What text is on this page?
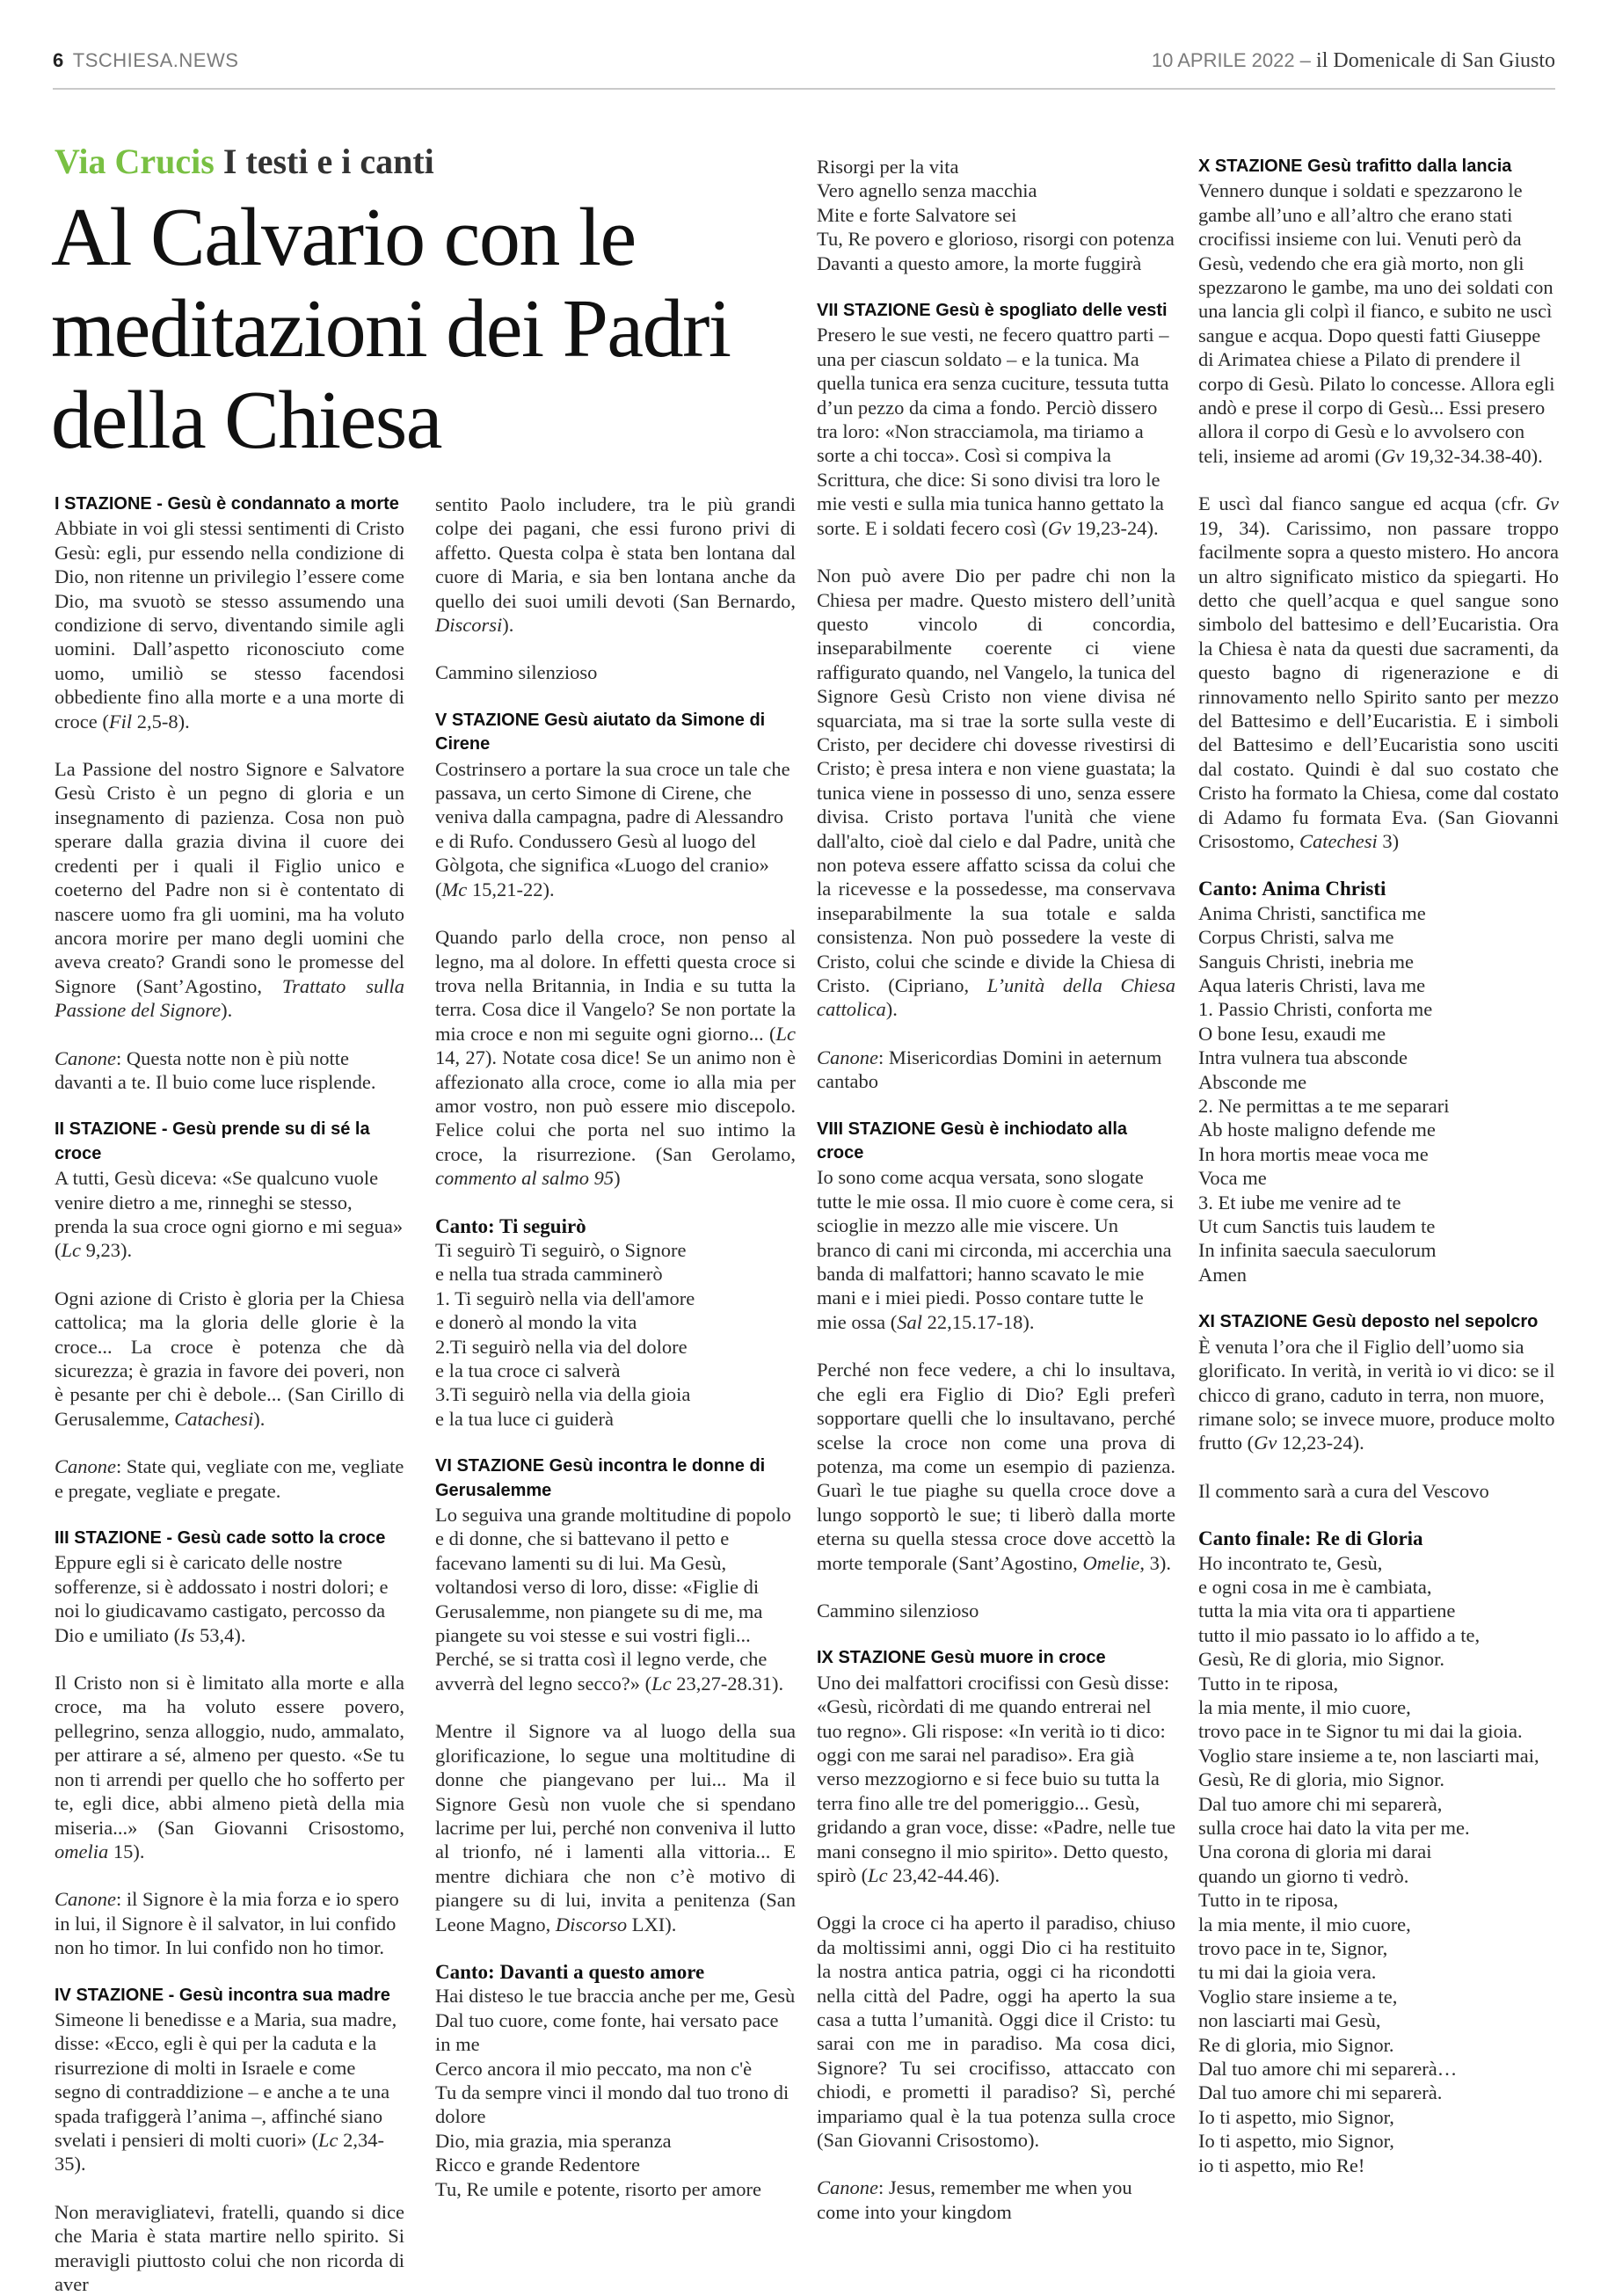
6 TSCHIESA.NEWS	10 APRILE 2022 – il Domenicale di San Giusto
Via Crucis I testi e i canti
Al Calvario con le meditazioni dei Padri della Chiesa

I STAZIONE - Gesù è condannato a morte
Abbiate in voi gli stessi sentimenti di Cristo Gesù: egli, pur essendo nella condizione di Dio, non ritenne un privilegio l’essere come Dio, ma svuotò se stesso assumendo una condizione di servo, diventando simile agli uomini. Dall’aspetto riconosciuto come uomo, umiliò se stesso facendosi obbediente fino alla morte e a una morte di croce (Fil 2,5-8).

La Passione del nostro Signore e Salvatore Gesù Cristo è un pegno di gloria e un insegnamento di pazienza. Cosa non può sperare dalla grazia divina il cuore dei credenti per i quali il Figlio unico e coeterno del Padre non si è contentato di nascere uomo fra gli uomini, ma ha voluto ancora morire per mano degli uomini che aveva creato? Grandi sono le promesse del Signore (Sant’Agostino, Trattato sulla Passione del Signore).

Canone: Questa notte non è più notte davanti a te. Il buio come luce risplende.

II STAZIONE - Gesù prende su di sé la croce
A tutti, Gesù diceva: «Se qualcuno vuole venire dietro a me, rinneghi se stesso, prenda la sua croce ogni giorno e mi segua» (Lc 9,23).

Ogni azione di Cristo è gloria per la Chiesa cattolica; ma la gloria delle glorie è la croce... La croce è potenza che dà sicurezza; è grazia in favore dei poveri, non è pesante per chi è debole... (San Cirillo di Gerusalemme, Catachesi).

Canone: State qui, vegliate con me, vegliate e pregate, vegliate e pregate.

III STAZIONE - Gesù cade sotto la croce
Eppure egli si è caricato delle nostre sofferenze, si è addossato i nostri dolori; e noi lo giudicavamo castigato, percosso da Dio e umiliato (Is 53,4).

Il Cristo non si è limitato alla morte e alla croce, ma ha voluto essere povero, pellegrino, senza alloggio, nudo, ammalato, per attirare a sé, almeno per questo. «Se tu non ti arrendi per quello che ho sofferto per te, egli dice, abbi almeno pietà della mia miseria...» (San Giovanni Crisostomo, omelia 15).

Canone: il Signore è la mia forza e io spero in lui, il Signore è il salvator, in lui confido non ho timor. In lui confido non ho timor.

IV STAZIONE - Gesù incontra sua madre
Simeone li benedisse e a Maria, sua madre, disse: «Ecco, egli è qui per la caduta e la risurrezione di molti in Israele e come segno di contraddizione – e anche a te una spada trafiggerà l’anima –, affinché siano svelati i pensieri di molti cuori» (Lc 2,34-35).

Non meravigliatevi, fratelli, quando si dice che Maria è stata martire nello spirito. Si meravigli piuttosto colui che non ricorda di aver

sentito Paolo includere, tra le più grandi colpe dei pagani, che essi furono privi di affetto. Questa colpa è stata ben lontana dal cuore di Maria, e sia ben lontana anche da quello dei suoi umili devoti (San Bernardo, Discorsi).

Cammino silenzioso

V STAZIONE Gesù aiutato da Simone di Cirene
Costrinsero a portare la sua croce un tale che passava, un certo Simone di Cirene, che veniva dalla campagna, padre di Alessandro e di Rufo. Condussero Gesù al luogo del Gòlgota, che significa «Luogo del cranio» (Mc 15,21-22).

Quando parlo della croce, non penso al legno, ma al dolore. In effetti questa croce si trova nella Britannia, in India e su tutta la terra. Cosa dice il Vangelo? Se non portate la mia croce e non mi seguite ogni giorno... (Lc 14, 27). Notate cosa dice! Se un animo non è affezionato alla croce, come io alla mia per amor vostro, non può essere mio discepolo. Felice colui che porta nel suo intimo la croce, la risurrezione. (San Gerolamo, commento al salmo 95)

Canto: Ti seguirò
Ti seguirò Ti seguirò, o Signore
e nella tua strada camminerò
1. Ti seguirò nella via dell'amore
e donerò al mondo la vita
2.Ti seguirò nella via del dolore
e la tua croce ci salverà
3.Ti seguirò nella via della gioia
e la tua luce ci guiderà

VI STAZIONE Gesù incontra le donne di Gerusalemme
Lo seguiva una grande moltitudine di popolo e di donne, che si battevano il petto e facevano lamenti su di lui. Ma Gesù, voltandosi verso di loro, disse: «Figlie di Gerusalemme, non piangete su di me, ma piangete su voi stesse e sui vostri figli... Perché, se si tratta così il legno verde, che avverrà del legno secco?» (Lc 23,27-28.31).

Mentre il Signore va al luogo della sua glorificazione, lo segue una moltitudine di donne che piangevano per lui... Ma il Signore Gesù non vuole che si spendano lacrime per lui, perché non conveniva il lutto al trionfo, né i lamenti alla vittoria... E mentre dichiara che non c’è motivo di piangere su di lui, invita a penitenza (San Leone Magno, Discorso LXI).

Canto: Davanti a questo amore
Hai disteso le tue braccia anche per me, Gesù
Dal tuo cuore, come fonte, hai versato pace in me
Cerco ancora il mio peccato, ma non c'è
Tu da sempre vinci il mondo dal tuo trono di dolore
Dio, mia grazia, mia speranza
Ricco e grande Redentore
Tu, Re umile e potente, risorto per amore

Risorgi per la vita
Vero agnello senza macchia
Mite e forte Salvatore sei
Tu, Re povero e glorioso, risorgi con potenza
Davanti a questo amore, la morte fuggirà

VII STAZIONE Gesù è spogliato delle vesti
Presero le sue vesti, ne fecero quattro parti – una per ciascun soldato – e la tunica. Ma quella tunica era senza cuciture, tessuta tutta d’un pezzo da cima a fondo. Perciò dissero tra loro: «Non stracciamola, ma tiriamo a sorte a chi tocca». Così si compiva la Scrittura, che dice: Si sono divisi tra loro le mie vesti e sulla mia tunica hanno gettato la sorte. E i soldati fecero così (Gv 19,23-24).

Non può avere Dio per padre chi non la Chiesa per madre. Questo mistero dell’unità questo vincolo di concordia, inseparabilmente coerente ci viene raffigurato quando, nel Vangelo, la tunica del Signore Gesù Cristo non viene divisa né squarciata, ma si trae la sorte sulla veste di Cristo, per decidere chi dovesse rivestirsi di Cristo; è presa intera e non viene guastata; la tunica viene in possesso di uno, senza essere divisa. Cristo portava l'unità che viene dall'alto, cioè dal cielo e dal Padre, unità che non poteva essere affatto scissa da colui che la ricevesse e la possedesse, ma conservava inseparabilmente la sua totale e salda consistenza. Non può possedere la veste di Cristo, colui che scinde e divide la Chiesa di Cristo. (Cipriano, L’unità della Chiesa cattolica).

Canone: Misericordias Domini in aeternum cantabo

VIII STAZIONE Gesù è inchiodato alla croce
Io sono come acqua versata, sono slogate tutte le mie ossa. Il mio cuore è come cera, si scioglie in mezzo alle mie viscere. Un branco di cani mi circonda, mi accerchia una banda di malfattori; hanno scavato le mie mani e i miei piedi. Posso contare tutte le mie ossa (Sal 22,15.17-18).

Perché non fece vedere, a chi lo insultava, che egli era Figlio di Dio? Egli preferì sopportare quelli che lo insultavano, perché scelse la croce non come una prova di potenza, ma come un esempio di pazienza. Guarì le tue piaghe su quella croce dove a lungo sopportò le sue; ti liberò dalla morte eterna su quella stessa croce dove accettò la morte temporale (Sant’Agostino, Omelie, 3).

Cammino silenzioso

IX STAZIONE Gesù muore in croce
Uno dei malfattori crocifissi con Gesù disse: «Gesù, ricòrdati di me quando entrerai nel tuo regno». Gli rispose: «In verità io ti dico: oggi con me sarai nel paradiso». Era già verso mezzogiorno e si fece buio su tutta la terra fino alle tre del pomeriggio... Gesù, gridando a gran voce, disse: «Padre, nelle tue mani consegno il mio spirito». Detto questo, spirò (Lc 23,42-44.46).

Oggi la croce ci ha aperto il paradiso, chiuso da moltissimi anni, oggi Dio ci ha restituito la nostra antica patria, oggi ci ha ricondotti nella città del Padre, oggi ha aperto la sua casa a tutta l’umanità. Oggi dice il Cristo: tu sarai con me in paradiso. Ma cosa dici, Signore? Tu sei crocifisso, attaccato con chiodi, e prometti il paradiso? Sì, perché impariamo qual è la tua potenza sulla croce (San Giovanni Crisostomo).

Canone: Jesus, remember me when you come into your kingdom

X STAZIONE Gesù trafitto dalla lancia
Vennero dunque i soldati e spezzarono le gambe all’uno e all’altro che erano stati crocifissi insieme con lui. Venuti però da Gesù, vedendo che era già morto, non gli spezzarono le gambe, ma uno dei soldati con una lancia gli colpì il fianco, e subito ne uscì sangue e acqua. Dopo questi fatti Giuseppe di Arimatea chiese a Pilato di prendere il corpo di Gesù. Pilato lo concesse. Allora egli andò e prese il corpo di Gesù... Essi presero allora il corpo di Gesù e lo avvolsero con teli, insieme ad aromi (Gv 19,32-34.38-40).

E uscì dal fianco sangue ed acqua (cfr. Gv 19, 34). Carissimo, non passare troppo facilmente sopra a questo mistero. Ho ancora un altro significato mistico da spiegarti. Ho detto che quell’acqua e quel sangue sono simbolo del battesimo e dell’Eucaristia. Ora la Chiesa è nata da questi due sacramenti, da questo bagno di rigenerazione e di rinnovamento nello Spirito santo per mezzo del Battesimo e dell’Eucaristia. E i simboli del Battesimo e dell’Eucaristia sono usciti dal costato. Quindi è dal suo costato che Cristo ha formato la Chiesa, come dal costato di Adamo fu formata Eva. (San Giovanni Crisostomo, Catechesi 3)

Canto: Anima Christi
Anima Christi, sanctifica me
Corpus Christi, salva me
Sanguis Christi, inebria me
Aqua lateris Christi, lava me
1. Passio Christi, conforta me
O bone Iesu, exaudi me
Intra vulnera tua absconde
Absconde me
2. Ne permittas a te me separari
Ab hoste maligno defende me
In hora mortis meae voca me
Voca me
3. Et iube me venire ad te
Ut cum Sanctis tuis laudem te
In infinita saecula saeculorum
Amen

XI STAZIONE Gesù deposto nel sepolcro
È venuta l’ora che il Figlio dell’uomo sia glorificato. In verità, in verità io vi dico: se il chicco di grano, caduto in terra, non muore, rimane solo; se invece muore, produce molto frutto (Gv 12,23-24).

Il commento sarà a cura del Vescovo

Canto finale: Re di Gloria
Ho incontrato te, Gesù,
e ogni cosa in me è cambiata,
tutta la mia vita ora ti appartiene
tutto il mio passato io lo affido a te,
Gesù, Re di gloria, mio Signor.
Tutto in te riposa,
la mia mente, il mio cuore,
trovo pace in te Signor tu mi dai la gioia.
Voglio stare insieme a te, non lasciarti mai,
Gesù, Re di gloria, mio Signor.
Dal tuo amore chi mi separerà,
sulla croce hai dato la vita per me.
Una corona di gloria mi darai
quando un giorno ti vedrò.
Tutto in te riposa,
la mia mente, il mio cuore,
trovo pace in te, Signor,
tu mi dai la gioia vera.
Voglio stare insieme a te,
non lasciarti mai Gesù,
Re di gloria, mio Signor.
Dal tuo amore chi mi separerà…
Dal tuo amore chi mi separerà.
Io ti aspetto, mio Signor,
Io ti aspetto, mio Signor,
io ti aspetto, mio Re!
